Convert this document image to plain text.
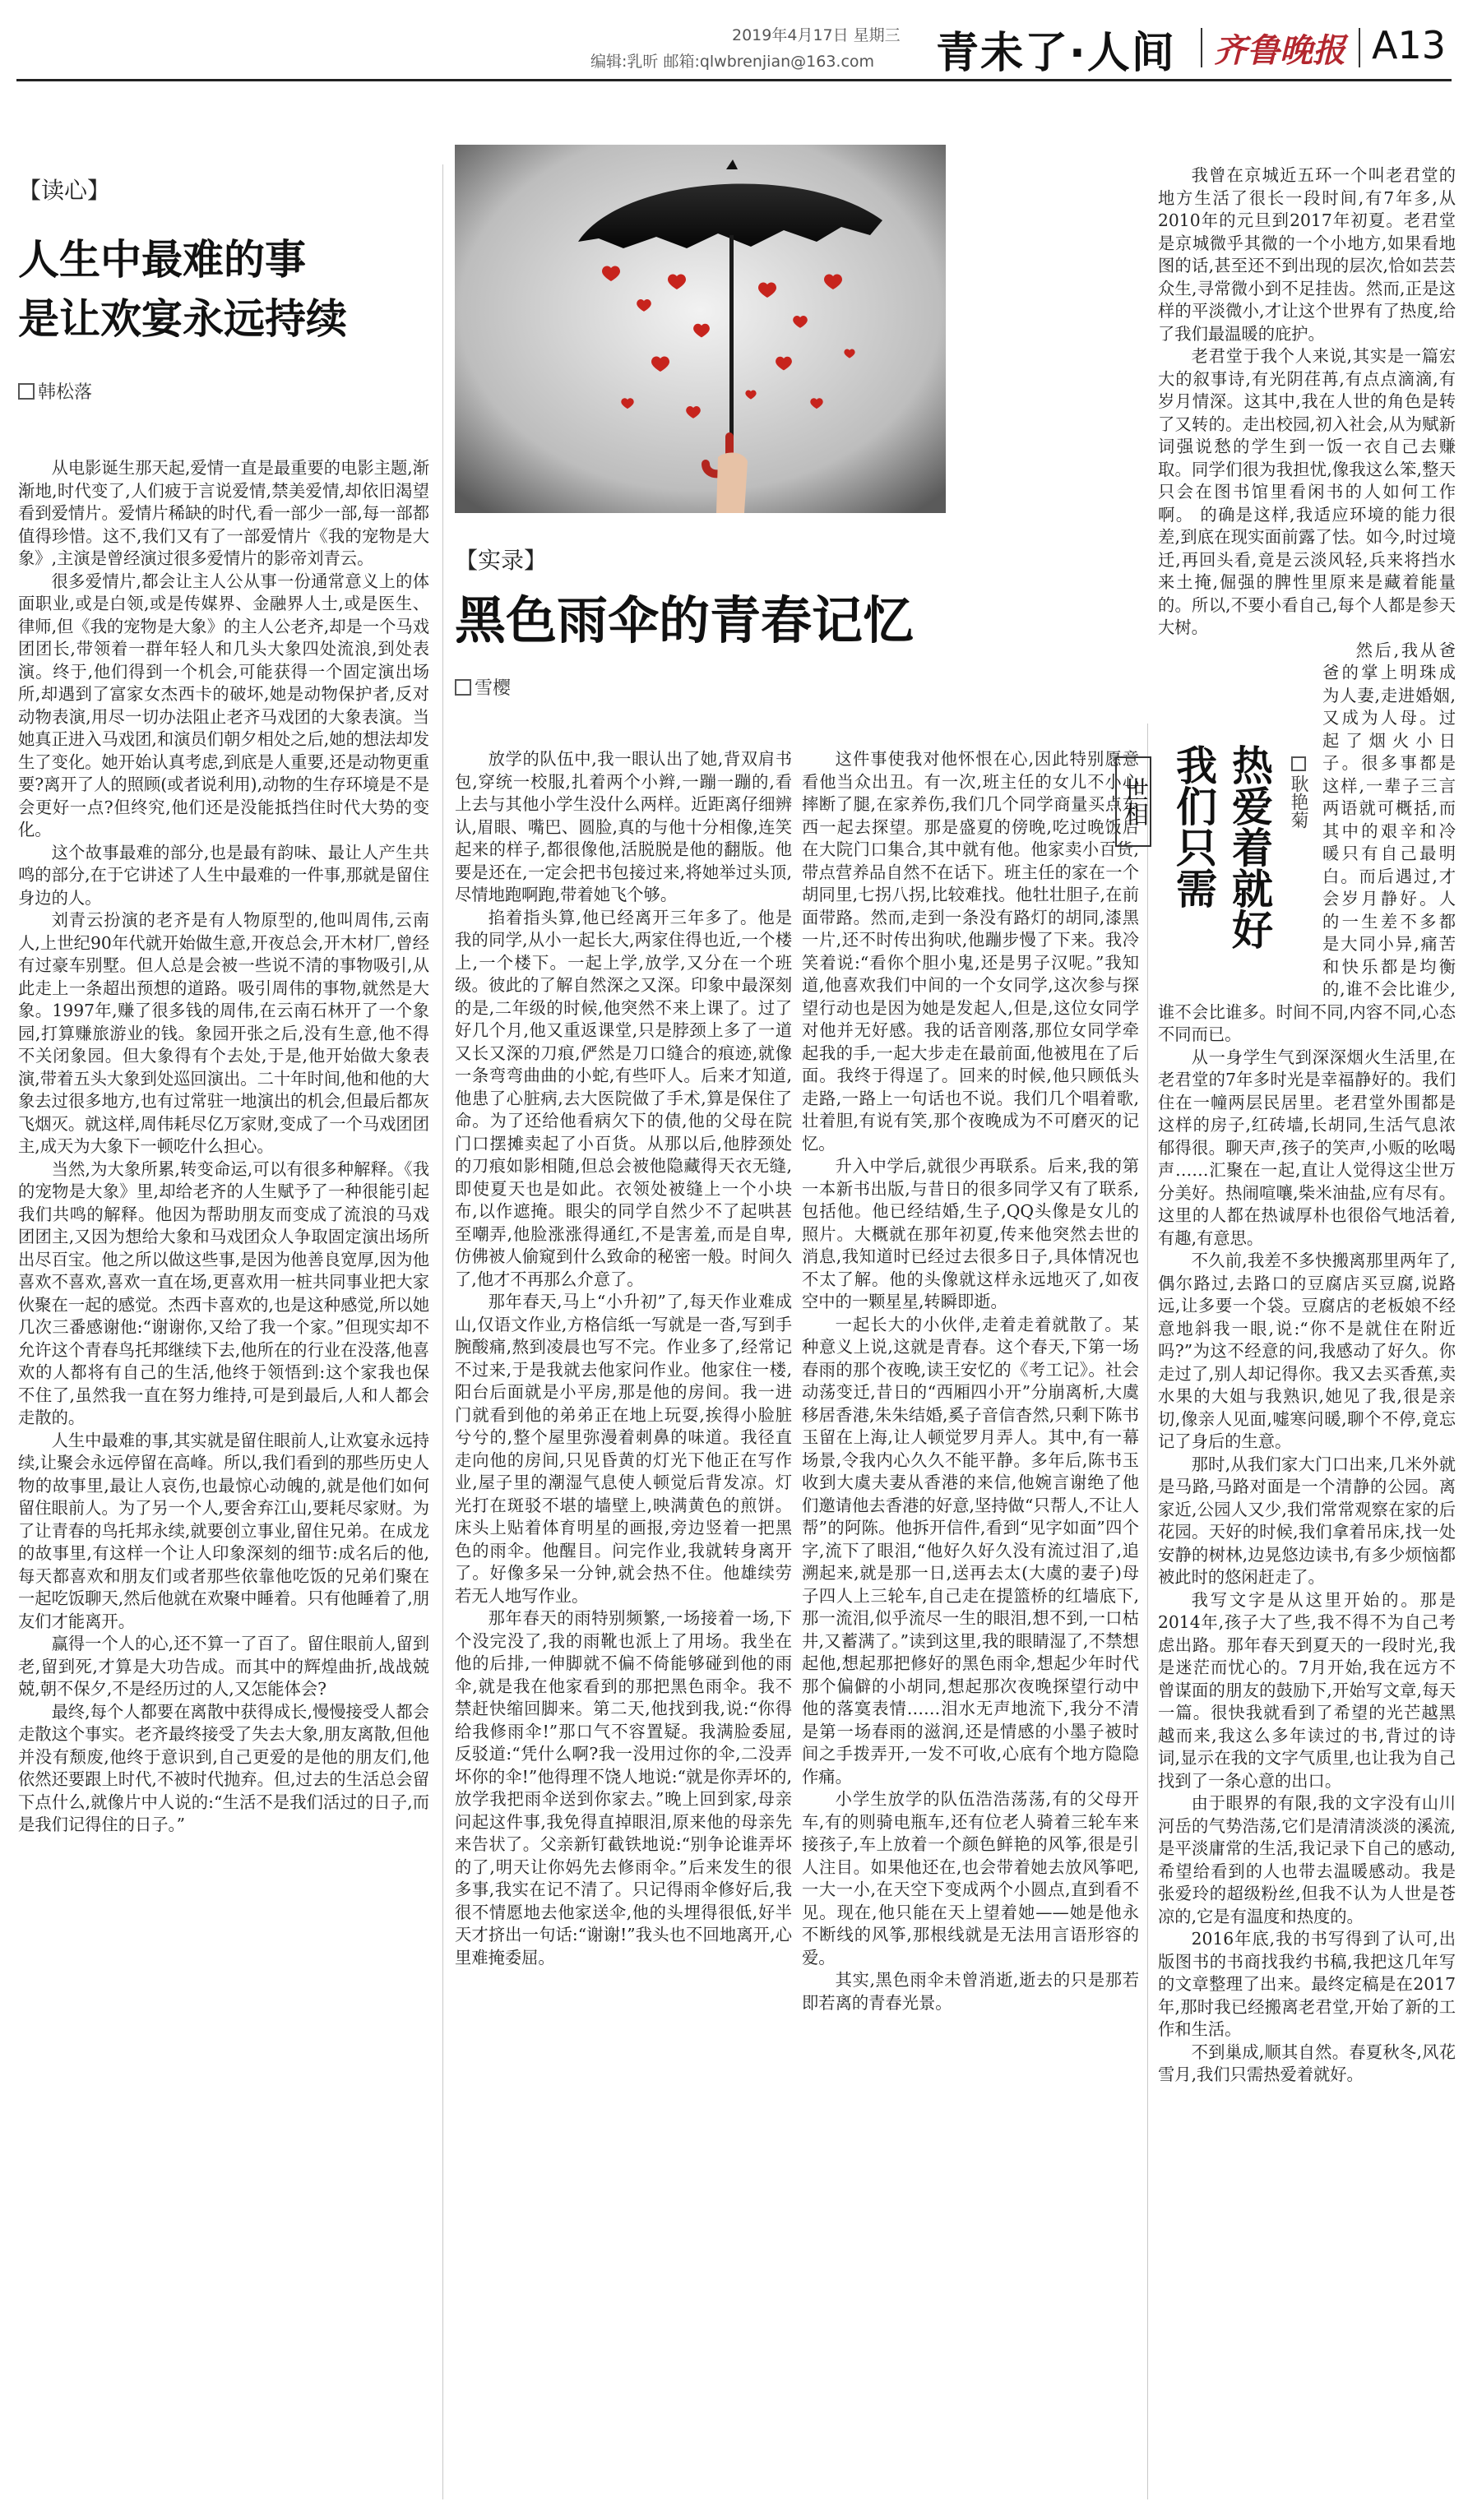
2019年4月17日 星期三
编辑:乳昕 邮箱:qlwbrenjian@163.com 青未了·人间 齐鲁晚报 A13
【读心】
人生中最难的事
是让欢宴永远持续
韩松落

从电影诞生那天起,爱情一直是最重要的电影主题,渐渐地,时代变了,人们疲于言说爱情,禁美爱情,却依旧渴望看到爱情片。爱情片稀缺的时代,看一部少一部,每一部都值得珍惜。这不,我们又有了一部爱情片《我的宠物是大象》,主演是曾经演过很多爱情片的影帝刘青云。

很多爱情片,都会让主人公从事一份通常意义上的体面职业,或是白领,或是传媒界、金融界人士,或是医生、律师,但《我的宠物是大象》的主人公老齐,却是一个马戏团团长,带领着一群年轻人和几头大象四处流浪,到处表演。终于,他们得到一个机会,可能获得一个固定演出场所,却遇到了富家女杰西卡的破坏,她是动物保护者,反对动物表演,用尽一切办法阻止老齐马戏团的大象表演。当她真正进入马戏团,和演员们朝夕相处之后,她的想法却发生了变化。她开始认真考虑,到底是人重要,还是动物更重要?离开了人的照顾(或者说利用),动物的生存环境是不是会更好一点?但终究,他们还是没能抵挡住时代大势的变化。

这个故事最难的部分,也是最有韵味、最让人产生共鸣的部分,在于它讲述了人生中最难的一件事,那就是留住身边的人。

刘青云扮演的老齐是有人物原型的,他叫周伟,云南人,上世纪90年代就开始做生意,开夜总会,开木材厂,曾经有过豪车别墅。但人总是会被一些说不清的事物吸引,从此走上一条超出预想的道路。吸引周伟的事物,就然是大象。1997年,赚了很多钱的周伟,在云南石林开了一个象园,打算赚旅游业的钱。象园开张之后,没有生意,他不得不关闭象园。但大象得有个去处,于是,他开始做大象表演,带着五头大象到处巡回演出。二十年时间,他和他的大象去过很多地方,也有过常驻一地演出的机会,但最后都灰飞烟灭。就这样,周伟耗尽亿万家财,变成了一个马戏团团主,成天为大象下一顿吃什么担心。

当然,为大象所累,转变命运,可以有很多种解释。《我的宠物是大象》里,却给老齐的人生赋予了一种很能引起我们共鸣的解释。他因为帮助朋友而变成了流浪的马戏团团主,又因为想给大象和马戏团众人争取固定演出场所出尽百宝。他之所以做这些事,是因为他善良宽厚,因为他喜欢不喜欢,喜欢一直在场,更喜欢用一桩共同事业把大家伙聚在一起的感觉。杰西卡喜欢的,也是这种感觉,所以她几次三番感谢他:“谢谢你,又给了我一个家。”但现实却不允许这个青春鸟托邦继续下去,他所在的行业在没落,他喜欢的人都将有自己的生活,他终于领悟到:这个家我也保不住了,虽然我一直在努力维持,可是到最后,人和人都会走散的。

人生中最难的事,其实就是留住眼前人,让欢宴永远持续,让聚会永远停留在高峰。所以,我们看到的那些历史人物的故事里,最让人哀伤,也最惊心动魄的,就是他们如何留住眼前人。为了另一个人,要舍弃江山,要耗尽家财。为了让青春的鸟托邦永续,就要创立事业,留住兄弟。在成龙的故事里,有这样一个让人印象深刻的细节:成名后的他,每天都喜欢和朋友们或者那些依靠他吃饭的兄弟们聚在一起吃饭聊天,然后他就在欢聚中睡着。只有他睡着了,朋友们才能离开。

赢得一个人的心,还不算一了百了。留住眼前人,留到老,留到死,才算是大功告成。而其中的辉煌曲折,战战兢兢,朝不保夕,不是经历过的人,又怎能体会?

最终,每个人都要在离散中获得成长,慢慢接受人都会走散这个事实。老齐最终接受了失去大象,朋友离散,但他并没有颓废,他终于意识到,自己更爱的是他的朋友们,他依然还要跟上时代,不被时代抛弃。但,过去的生活总会留下点什么,就像片中人说的:“生活不是我们活过的日子,而是我们记得住的日子。”

【实录】
黑色雨伞的青春记忆
雪樱

放学的队伍中,我一眼认出了她,背双肩书包,穿统一校服,扎着两个小辫,一蹦一蹦的,看上去与其他小学生没什么两样。近距离仔细辨认,眉眼、嘴巴、圆脸,真的与他十分相像,连笑起来的样子,都很像他,活脱脱是他的翻版。他要是还在,一定会把书包接过来,将她举过头顶,尽情地跑啊跑,带着她飞个够。

掐着指头算,他已经离开三年多了。他是我的同学,从小一起长大,两家住得也近,一个楼上,一个楼下。一起上学,放学,又分在一个班级。彼此的了解自然深之又深。印象中最深刻的是,二年级的时候,他突然不来上课了。过了好几个月,他又重返课堂,只是脖颈上多了一道又长又深的刀痕,俨然是刀口缝合的痕迹,就像一条弯弯曲曲的小蛇,有些吓人。后来才知道,他患了心脏病,去大医院做了手术,算是保住了命。为了还给他看病欠下的债,他的父母在院门口摆摊卖起了小百货。从那以后,他脖颈处的刀痕如影相随,但总会被他隐藏得天衣无缝,即使夏天也是如此。衣领处被缝上一个小块布,以作遮掩。眼尖的同学自然少不了起哄甚至嘲弄,他脸涨涨得通红,不是害羞,而是自卑,仿佛被人偷窥到什么致命的秘密一般。时间久了,他才不再那么介意了。

那年春天,马上“小升初”了,每天作业难成山,仅语文作业,方格信纸一写就是一沓,写到手腕酸痛,熬到凌晨也写不完。作业多了,经常记不过来,于是我就去他家问作业。他家住一楼,阳台后面就是小平房,那是他的房间。我一进门就看到他的弟弟正在地上玩耍,挨得小脸脏兮兮的,整个屋里弥漫着刺鼻的味道。我径直走向他的房间,只见昏黄的灯光下他正在写作业,屋子里的潮湿气息使人顿觉后背发凉。灯光打在斑驳不堪的墙壁上,映满黄色的煎饼。床头上贴着体育明星的画报,旁边竖着一把黑色的雨伞。他醒目。问完作业,我就转身离开了。好像多呆一分钟,就会热不住。他雄续劳若无人地写作业。

那年春天的雨特别频繁,一场接着一场,下个没完没了,我的雨靴也派上了用场。我坐在他的后排,一伸脚就不偏不倚能够碰到他的雨伞,就是我在他家看到的那把黑色雨伞。我不禁赶快缩回脚来。第二天,他找到我,说:“你得给我修雨伞!”那口气不容置疑。我满脸委屈,反驳道:“凭什么啊?我一没用过你的伞,二没弄坏你的伞!”他得理不饶人地说:“就是你弄坏的,放学我把雨伞送到你家去。”晚上回到家,母亲问起这件事,我免得直掉眼泪,原来他的母亲先来告状了。父亲新钉截铁地说:“别争论谁弄坏的了,明天让你妈先去修雨伞。”后来发生的很多事,我实在记不清了。只记得雨伞修好后,我很不情愿地去他家送伞,他的头埋得很低,好半天才挤出一句话:“谢谢!”我头也不回地离开,心里难掩委屈。

这件事使我对他怀恨在心,因此特别愿意看他当众出丑。有一次,班主任的女儿不小心摔断了腿,在家养伤,我们几个同学商量买点东西一起去探望。那是盛夏的傍晚,吃过晚饭后在大院门口集合,其中就有他。他家卖小百货,带点营养品自然不在话下。班主任的家在一个胡同里,七拐八拐,比较难找。他牡壮胆子,在前面带路。然而,走到一条没有路灯的胡同,漆黑一片,还不时传出狗吠,他蹦步慢了下来。我冷笑着说:“看你个胆小鬼,还是男子汉呢。”我知道,他喜欢我们中间的一个女同学,这次参与探望行动也是因为她是发起人,但是,这位女同学对他并无好感。我的话音刚落,那位女同学牵起我的手,一起大步走在最前面,他被甩在了后面。我终于得逞了。回来的时候,他只顾低头走路,一路上一句话也不说。我们几个唱着歌,壮着胆,有说有笑,那个夜晚成为不可磨灭的记忆。

升入中学后,就很少再联系。后来,我的第一本新书出版,与昔日的很多同学又有了联系,包括他。他已经结婚,生子,QQ头像是女儿的照片。大概就在那年初夏,传来他突然去世的消息,我知道时已经过去很多日子,具体情况也不太了解。他的头像就这样永远地灭了,如夜空中的一颗星星,转瞬即逝。

一起长大的小伙伴,走着走着就散了。某种意义上说,这就是青春。这个春天,下第一场春雨的那个夜晚,读王安忆的《考工记》。社会动荡变迁,昔日的“西厢四小开”分崩离析,大虞移居香港,朱朱结婚,奚子音信杳然,只剩下陈书玉留在上海,让人顿觉罗月弄人。其中,有一幕场景,令我内心久久不能平静。多年后,陈书玉收到大虞夫妻从香港的来信,他婉言谢绝了他们邀请他去香港的好意,坚持做“只帮人,不让人帮”的阿陈。他拆开信件,看到“见字如面”四个字,流下了眼泪,“他好久好久没有流过泪了,追溯起来,就是那一日,送再去太(大虞的妻子)母子四人上三轮车,自己走在提篮桥的红墙底下,那一流泪,似乎流尽一生的眼泪,想不到,一口枯井,又蓄满了。”读到这里,我的眼睛湿了,不禁想起他,想起那把修好的黑色雨伞,想起少年时代那个偏僻的小胡同,想起那次夜晚探望行动中他的落寞表情……泪水无声地流下,我分不清是第一场春雨的滋润,还是情感的小墨子被时间之手拨弄开,一发不可收,心底有个地方隐隐作痛。

小学生放学的队伍浩浩荡荡,有的父母开车,有的则骑电瓶车,还有位老人骑着三轮车来接孩子,车上放着一个颜色鲜艳的风筝,很是引人注目。如果他还在,也会带着她去放风筝吧,一大一小,在天空下变成两个小圆点,直到看不见。现在,他只能在天上望着她——她是他永不断线的风筝,那根线就是无法用言语形容的爱。

其实,黑色雨伞未曾消逝,逝去的只是那若即若离的青春光景。

世相 热爱着就好
我们只需	耿艳菊

我曾在京城近五环一个叫老君堂的地方生活了很长一段时间,有7年多,从2010年的元旦到2017年初夏。老君堂是京城微乎其微的一个小地方,如果看地图的话,甚至还不到出现的层次,恰如芸芸众生,寻常微小到不足挂齿。然而,正是这样的平淡微小,才让这个世界有了热度,给了我们最温暖的庇护。

老君堂于我个人来说,其实是一篇宏大的叙事诗,有光阴荏苒,有点点滴滴,有岁月情深。这其中,我在人世的角色是转了又转的。走出校园,初入社会,从为赋新词强说愁的学生到一饭一衣自己去赚取。同学们很为我担忧,像我这么笨,整天只会在图书馆里看闲书的人如何工作啊。 的确是这样,我适应环境的能力很差,到底在现实面前露了怯。如今,时过境迁,再回头看,竟是云淡风轻,兵来将挡水来土掩,倔强的脾性里原来是藏着能量的。所以,不要小看自己,每个人都是参天大树。

然后,我从爸爸的掌上明珠成为人妻,走进婚姻,又成为人母。过起了烟火小日子。很多事都是这样,一辈子三言两语就可概括,而其中的艰辛和冷暖只有自己最明白。而后遇过,才会岁月静好。人的一生差不多都是大同小异,痛苦和快乐都是均衡的,谁不会比谁少,谁不会比谁多。时间不同,内容不同,心态不同而已。

从一身学生气到深深烟火生活里,在老君堂的7年多时光是幸福静好的。我们住在一幢两层民居里。老君堂外围都是这样的房子,红砖墙,长胡同,生活气息浓郁得很。聊天声,孩子的笑声,小贩的吆喝声……汇聚在一起,直让人觉得这尘世万分美好。热闹喧嚷,柴米油盐,应有尽有。这里的人都在热诚厚朴也很俗气地活着,有趣,有意思。

不久前,我差不多快搬离那里两年了,偶尔路过,去路口的豆腐店买豆腐,说路远,让多要一个袋。豆腐店的老板娘不经意地斜我一眼,说:“你不是就住在附近吗?”为这不经意的问,我感动了好久。你走过了,别人却记得你。我又去买香蕉,卖水果的大姐与我熟识,她见了我,很是亲切,像亲人见面,嘘寒问暖,聊个不停,竟忘记了身后的生意。

那时,从我们家大门口出来,几米外就是马路,马路对面是一个清静的公园。离家近,公园人又少,我们常常观察在家的后花园。天好的时候,我们拿着吊床,找一处安静的树林,边晃悠边读书,有多少烦恼都被此时的悠闲赶走了。

我写文字是从这里开始的。那是2014年,孩子大了些,我不得不为自己考虑出路。那年春天到夏天的一段时光,我是迷茫而忧心的。7月开始,我在远方不曾谋面的朋友的鼓励下,开始写文章,每天一篇。很快我就看到了希望的光芒越黑越而来,我这么多年读过的书,背过的诗词,显示在我的文字气质里,也让我为自己找到了一条心意的出口。

由于眼界的有限,我的文字没有山川河岳的气势浩荡,它们是清清淡淡的溪流,是平淡庸常的生活,我记录下自己的感动,希望给看到的人也带去温暖感动。我是张爱玲的超级粉丝,但我不认为人世是苍凉的,它是有温度和热度的。

2016年底,我的书写得到了认可,出版图书的书商找我约书稿,我把这几年写的文章整理了出来。最终定稿是在2017年,那时我已经搬离老君堂,开始了新的工作和生活。

不到巢成,顺其自然。春夏秋冬,风花雪月,我们只需热爱着就好。
